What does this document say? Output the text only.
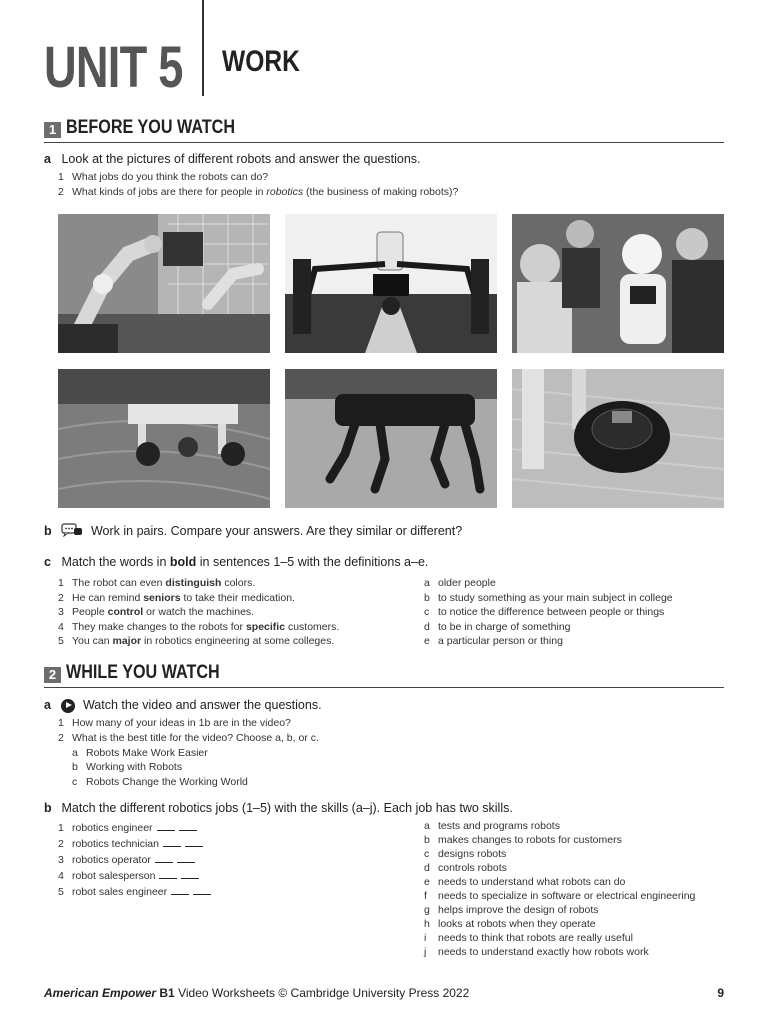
UNIT 5 WORK
1 BEFORE YOU WATCH
a Look at the pictures of different robots and answer the questions.
1 What jobs do you think the robots can do?
2 What kinds of jobs are there for people in robotics (the business of making robots)?
b	Work in pairs. Compare your answers. Are they similar or different?
c Match the words in bold in sentences 1–5 with the definitions a–e.
1 The robot can even distinguish colors.
2 He can remind seniors to take their medication.
3 People control or watch the machines.
4 They make changes to the robots for specific customers.
5 You can major in robotics engineering at some colleges.
a older people
b to study something as your main subject in college
c to notice the difference between people or things
d to be in charge of something
e a particular person or thing
2 WHILE YOU WATCH
a	Watch the video and answer the questions.
1 How many of your ideas in 1b are in the video?
2 What is the best title for the video? Choose a, b, or c.
a Robots Make Work Easier
b Working with Robots
c Robots Change the Working World
b Match the different robotics jobs (1–5) with the skills (a–j). Each job has two skills.
1 robotics engineer
2 robotics technician
3 robotics operator
4 robot salesperson
5 robot sales engineer
a tests and programs robots
b makes changes to robots for customers
c designs robots
d controls robots
e needs to understand what robots can do
f needs to specialize in software or electrical engineering
g helps improve the design of robots
h looks at robots when they operate
i needs to think that robots are really useful
j needs to understand exactly how robots work
American Empower B1 Video Worksheets © Cambridge University Press 2022	9
